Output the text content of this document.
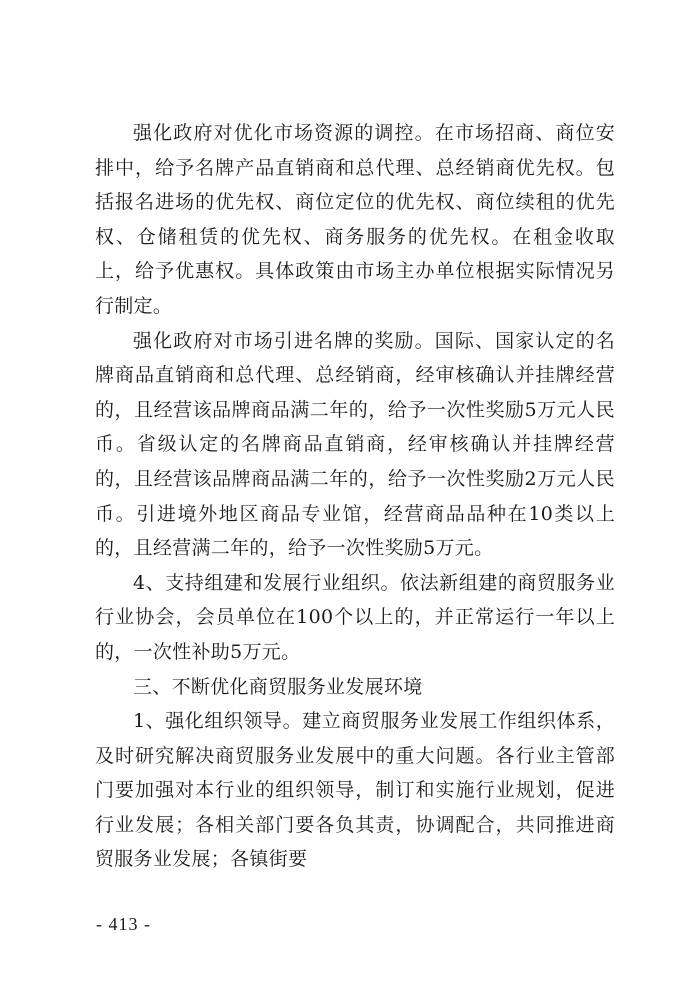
强化政府对优化市场资源的调控。在市场招商、商位安排中，给予名牌产品直销商和总代理、总经销商优先权。包括报名进场的优先权、商位定位的优先权、商位续租的优先权、仓储租赁的优先权、商务服务的优先权。在租金收取上，给予优惠权。具体政策由市场主办单位根据实际情况另行制定。

强化政府对市场引进名牌的奖励。国际、国家认定的名牌商品直销商和总代理、总经销商，经审核确认并挂牌经营的，且经营该品牌商品满二年的，给予一次性奖励5万元人民币。省级认定的名牌商品直销商，经审核确认并挂牌经营的，且经营该品牌商品满二年的，给予一次性奖励2万元人民币。引进境外地区商品专业馆，经营商品品种在10类以上的，且经营满二年的，给予一次性奖励5万元。

4、支持组建和发展行业组织。依法新组建的商贸服务业行业协会，会员单位在100个以上的，并正常运行一年以上的，一次性补助5万元。

三、不断优化商贸服务业发展环境

1、强化组织领导。建立商贸服务业发展工作组织体系，及时研究解决商贸服务业发展中的重大问题。各行业主管部门要加强对本行业的组织领导，制订和实施行业规划，促进行业发展；各相关部门要各负其责，协调配合，共同推进商贸服务业发展；各镇街要

- 413 -
